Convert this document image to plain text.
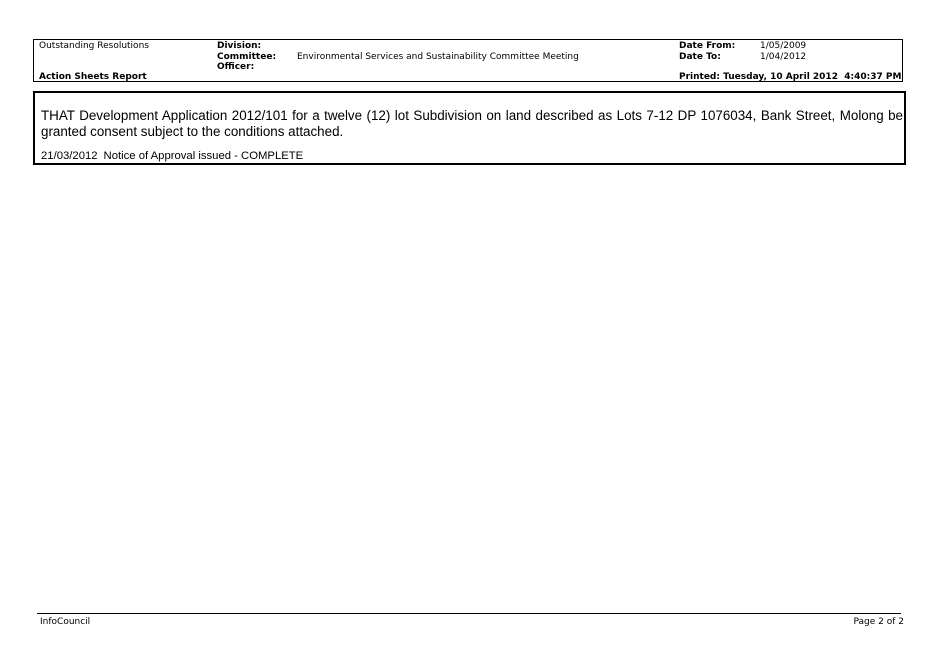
Outstanding Resolutions
Action Sheets Report
Division:
Committee: Environmental Services and Sustainability Committee Meeting
Officer:
Date From:	1/05/2009
Date To:	1/04/2012
Printed: Tuesday, 10 April 2012  4:40:37 PM
THAT Development Application 2012/101 for a twelve (12) lot Subdivision on land described as Lots 7-12 DP 1076034, Bank Street, Molong be granted consent subject to the conditions attached.
21/03/2012 Notice of Approval issued - COMPLETE
InfoCouncil	Page 2 of 2
